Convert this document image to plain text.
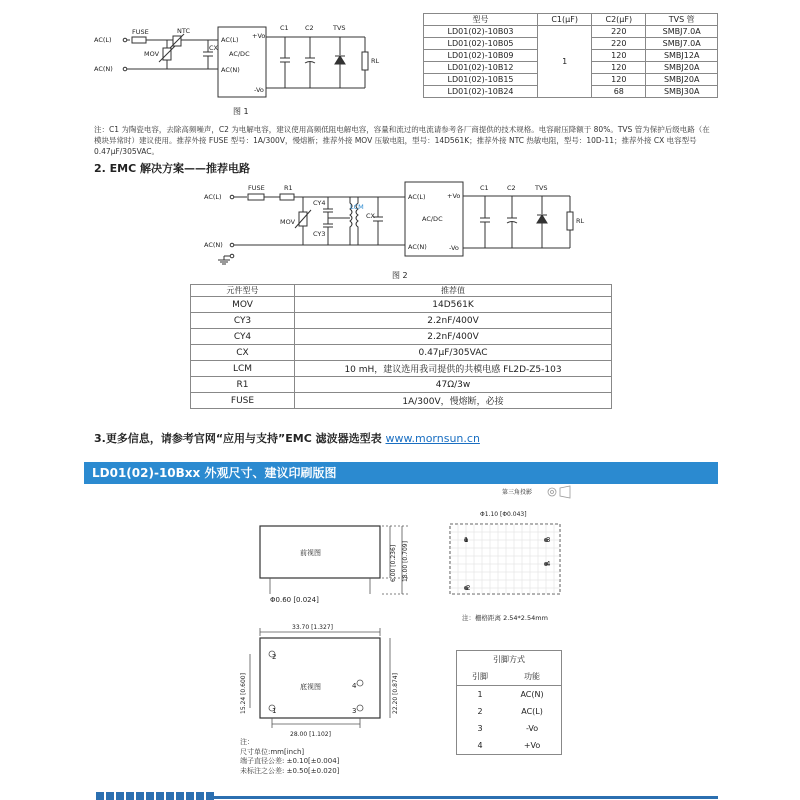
AC(L)
AC(N)
FUSE	NTC
MOV
CX
AC(L)
AC(N)
AC/DC
+Vo
-Vo
C1	C2	TVS
RL
图 1
型号	C1(μF)	C2(μF)	TVS 管
LD01(02)-10B03	1	220	SMBJ7.0A
LD01(02)-10B05		220	SMBJ7.0A
LD01(02)-10B09		120	SMBJ12A
LD01(02)-10B12		120	SMBJ20A
LD01(02)-10B15		120	SMBJ20A
LD01(02)-10B24		68	SMBJ30A
注：C1 为陶瓷电容，去除高频噪声，C2 为电解电容，建议使用高频低阻电解电容，容量和流过的电流请参考各厂商提供的技术规格。电容耐压降额于 80%。TVS 管为保护后级电路（在模块异常时）建议使用。推荐外接 FUSE 型号：1A/300V，慢熔断；推荐外接 MOV 压敏电阻，型号：14D561K；推荐外接 NTC 热敏电阻，型号：10D-11；推荐外接 CX 电容型号 0.47μF/305VAC。
2. EMC 解决方案——推荐电路
AC(L)
AC(N)
FUSE	R1
MOV
CY4
CY3
LCM
CX
AC(L)
AC(N)
AC/DC
+Vo
-Vo
C1	C2	TVS
RL
图 2
元件型号	推荐值
MOV	14D561K
CY3	2.2nF/400V
CY4	2.2nF/400V
CX	0.47μF/305VAC
LCM	10 mH，建议选用我司提供的共模电感 FL2D-Z5-103
R1	47Ω/3w
FUSE	1A/300V，慢熔断，必接
3.更多信息，请参考官网“应用与支持”EMC 滤波器选型表 www.mornsun.cn
LD01(02)-10Bxx 外观尺寸、建议印刷版图
前视图
Φ0.60 [0.024]
6.00 [0.236] 18.00 [0.709]
33.70 [1.327]
28.00 [1.102]
15.24 [0.600]	22.20 [0.874]
底视图
2
1	3
4
第三角投影
Φ1.10 [Φ0.043]
1
2
3
4
注：栅格距离 2.54*2.54mm
注：
尺寸单位:mm[inch]
端子直径公差: ±0.10[±0.004]
未标注之公差: ±0.50[±0.020]
引脚方式
引脚	功能
1	AC(N)
2	AC(L)
3	-Vo
4	+Vo
